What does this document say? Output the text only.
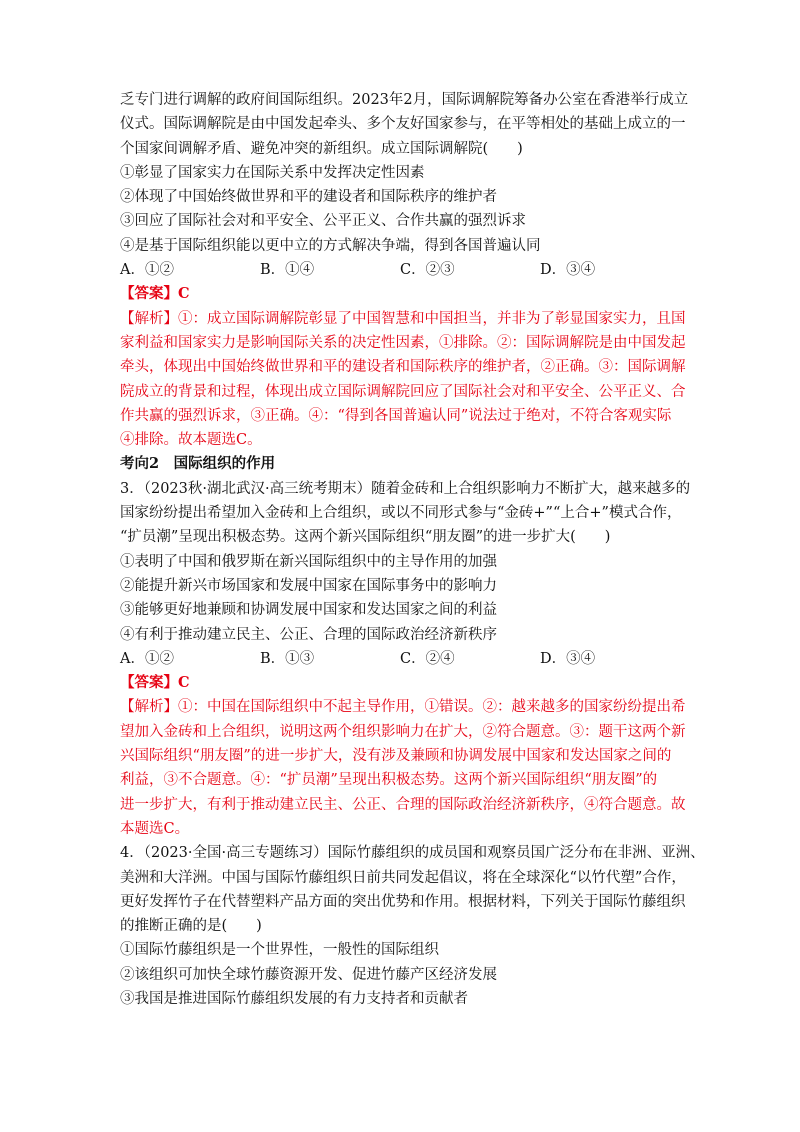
乏专门进行调解的政府间国际组织。2023年2月，国际调解院筹备办公室在香港举行成立
仪式。国际调解院是由中国发起牵头、多个友好国家参与，在平等相处的基础上成立的一
个国家间调解矛盾、避免冲突的新组织。成立国际调解院(　　)
①彰显了国家实力在国际关系中发挥决定性因素
②体现了中国始终做世界和平的建设者和国际秩序的维护者
③回应了国际社会对和平安全、公平正义、合作共赢的强烈诉求
④是基于国际组织能以更中立的方式解决争端，得到各国普遍认同
A．①②	B．①④	C．②③	D．③④
【答案】C
【解析】①：成立国际调解院彰显了中国智慧和中国担当，并非为了彰显国家实力，且国
家利益和国家实力是影响国际关系的决定性因素，①排除。②：国际调解院是由中国发起
牵头，体现出中国始终做世界和平的建设者和国际秩序的维护者，②正确。③：国际调解
院成立的背景和过程，体现出成立国际调解院回应了国际社会对和平安全、公平正义、合
作共赢的强烈诉求，③正确。④：“得到各国普遍认同”说法过于绝对，不符合客观实际
④排除。故本题选C。
考向2　国际组织的作用
3．（2023秋·湖北武汉·高三统考期末）随着金砖和上合组织影响力不断扩大，越来越多的
国家纷纷提出希望加入金砖和上合组织，或以不同形式参与“金砖+”“上合+”模式合作，
“扩员潮”呈现出积极态势。这两个新兴国际组织“朋友圈”的进一步扩大(　　)
①表明了中国和俄罗斯在新兴国际组织中的主导作用的加强
②能提升新兴市场国家和发展中国家在国际事务中的影响力
③能够更好地兼顾和协调发展中国家和发达国家之间的利益
④有利于推动建立民主、公正、合理的国际政治经济新秩序
A．①②	B．①③	C．②④	D．③④
【答案】C
【解析】①：中国在国际组织中不起主导作用，①错误。②：越来越多的国家纷纷提出希
望加入金砖和上合组织，说明这两个组织影响力在扩大，②符合题意。③：题干这两个新
兴国际组织“朋友圈”的进一步扩大，没有涉及兼顾和协调发展中国家和发达国家之间的
利益，③不合题意。④：“扩员潮”呈现出积极态势。这两个新兴国际组织“朋友圈”的
进一步扩大，有利于推动建立民主、公正、合理的国际政治经济新秩序，④符合题意。故
本题选C。
4．（2023·全国·高三专题练习）国际竹藤组织的成员国和观察员国广泛分布在非洲、亚洲、
美洲和大洋洲。中国与国际竹藤组织日前共同发起倡议，将在全球深化“以竹代塑”合作，
更好发挥竹子在代替塑料产品方面的突出优势和作用。根据材料，下列关于国际竹藤组织
的推断正确的是(　　)
①国际竹藤组织是一个世界性，一般性的国际组织
②该组织可加快全球竹藤资源开发、促进竹藤产区经济发展
③我国是推进国际竹藤组织发展的有力支持者和贡献者
